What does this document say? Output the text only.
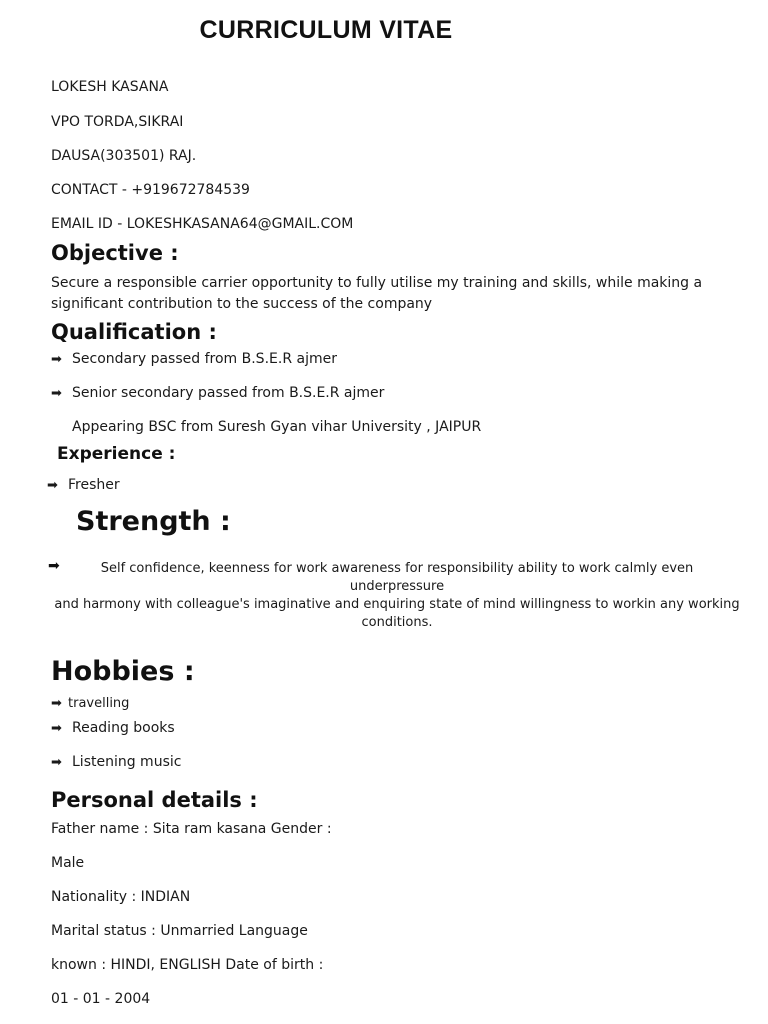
CURRICULUM VITAE
LOKESH KASANA
VPO TORDA,SIKRAI
DAUSA(303501) RAJ.
CONTACT - +919672784539
EMAIL ID - LOKESHKASANA64@GMAIL.COM
Objective :
Secure a responsible carrier opportunity to fully utilise my training and skills, while making a significant contribution to the success of the company
Qualification :
➡ Secondary passed from B.S.E.R ajmer
➡ Senior secondary passed from B.S.E.R ajmer
Appearing BSC from Suresh Gyan vihar University , JAIPUR
Experience :
➡ Fresher
Strength :
➡	Self confidence, keenness for work awareness for responsibility ability to work calmly even underpressure
and harmony with colleague's imaginative and enquiring state of mind willingness to workin any working conditions.
Hobbies :
➡ travelling
➡ Reading books
➡ Listening music
Personal details :
Father name : Sita ram kasana Gender :
Male
Nationality : INDIAN
Marital status : Unmarried Language
known : HINDI, ENGLISH Date of birth :
01 - 01 - 2004
